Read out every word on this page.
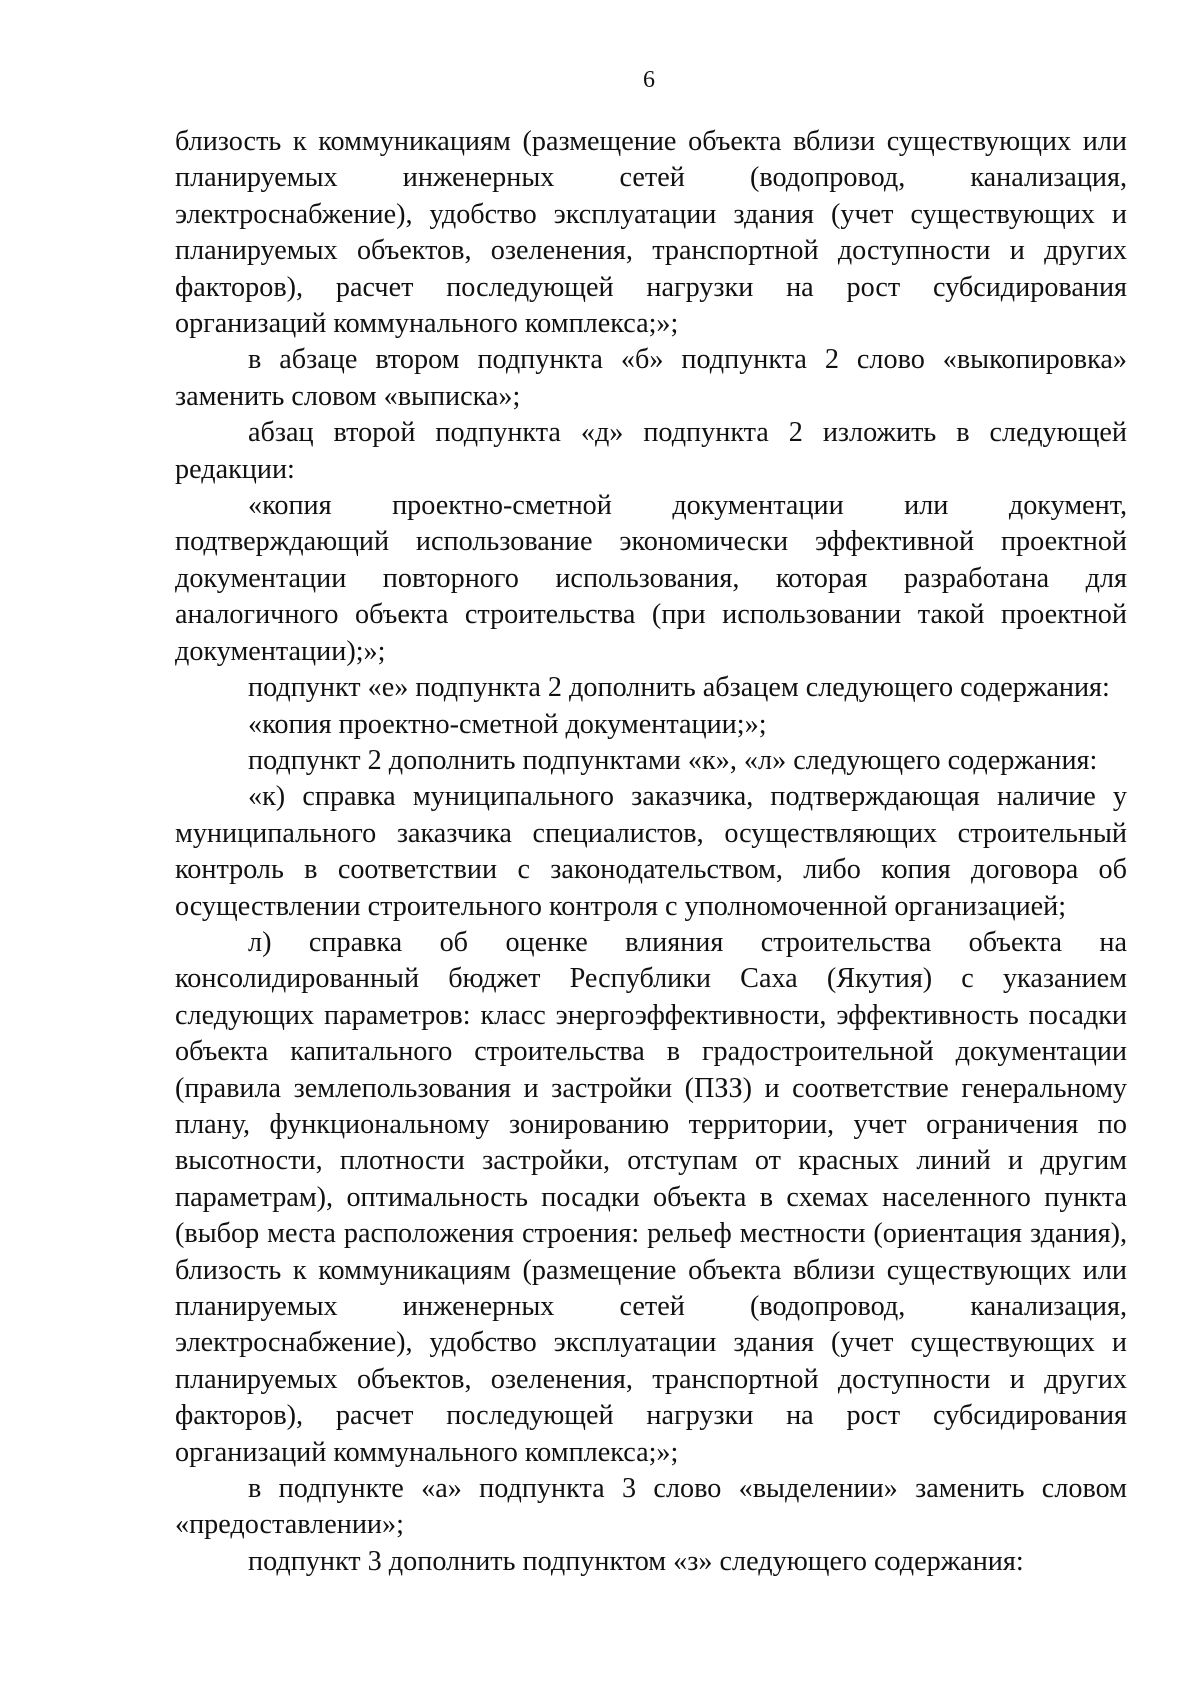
6

близость к коммуникациям (размещение объекта вблизи существующих или планируемых инженерных сетей (водопровод, канализация, электроснабжение), удобство эксплуатации здания (учет существующих и планируемых объектов, озеленения, транспортной доступности и других факторов), расчет последующей нагрузки на рост субсидирования организаций коммунального комплекса;»;

в абзаце втором подпункта «б» подпункта 2 слово «выкопировка» заменить словом «выписка»;

абзац второй подпункта «д» подпункта 2 изложить в следующей редакции:

«копия проектно-сметной документации или документ, подтверждающий использование экономически эффективной проектной документации повторного использования, которая разработана для аналогичного объекта строительства (при использовании такой проектной документации);»;

подпункт «е» подпункта 2 дополнить абзацем следующего содержания:

«копия проектно-сметной документации;»;

подпункт 2 дополнить подпунктами «к», «л» следующего содержания:

«к) справка муниципального заказчика, подтверждающая наличие у муниципального заказчика специалистов, осуществляющих строительный контроль в соответствии с законодательством, либо копия договора об осуществлении строительного контроля с уполномоченной организацией;

л) справка об оценке влияния строительства объекта на консолидированный бюджет Республики Саха (Якутия) с указанием следующих параметров: класс энергоэффективности, эффективность посадки объекта капитального строительства в градостроительной документации (правила землепользования и застройки (ПЗЗ) и соответствие генеральному плану, функциональному зонированию территории, учет ограничения по высотности, плотности застройки, отступам от красных линий и другим параметрам), оптимальность посадки объекта в схемах населенного пункта (выбор места расположения строения: рельеф местности (ориентация здания), близость к коммуникациям (размещение объекта вблизи существующих или планируемых инженерных сетей (водопровод, канализация, электроснабжение), удобство эксплуатации здания (учет существующих и планируемых объектов, озеленения, транспортной доступности и других факторов), расчет последующей нагрузки на рост субсидирования организаций коммунального комплекса;»;

в подпункте «а» подпункта 3 слово «выделении» заменить словом «предоставлении»;

подпункт 3 дополнить подпунктом «з» следующего содержания:
